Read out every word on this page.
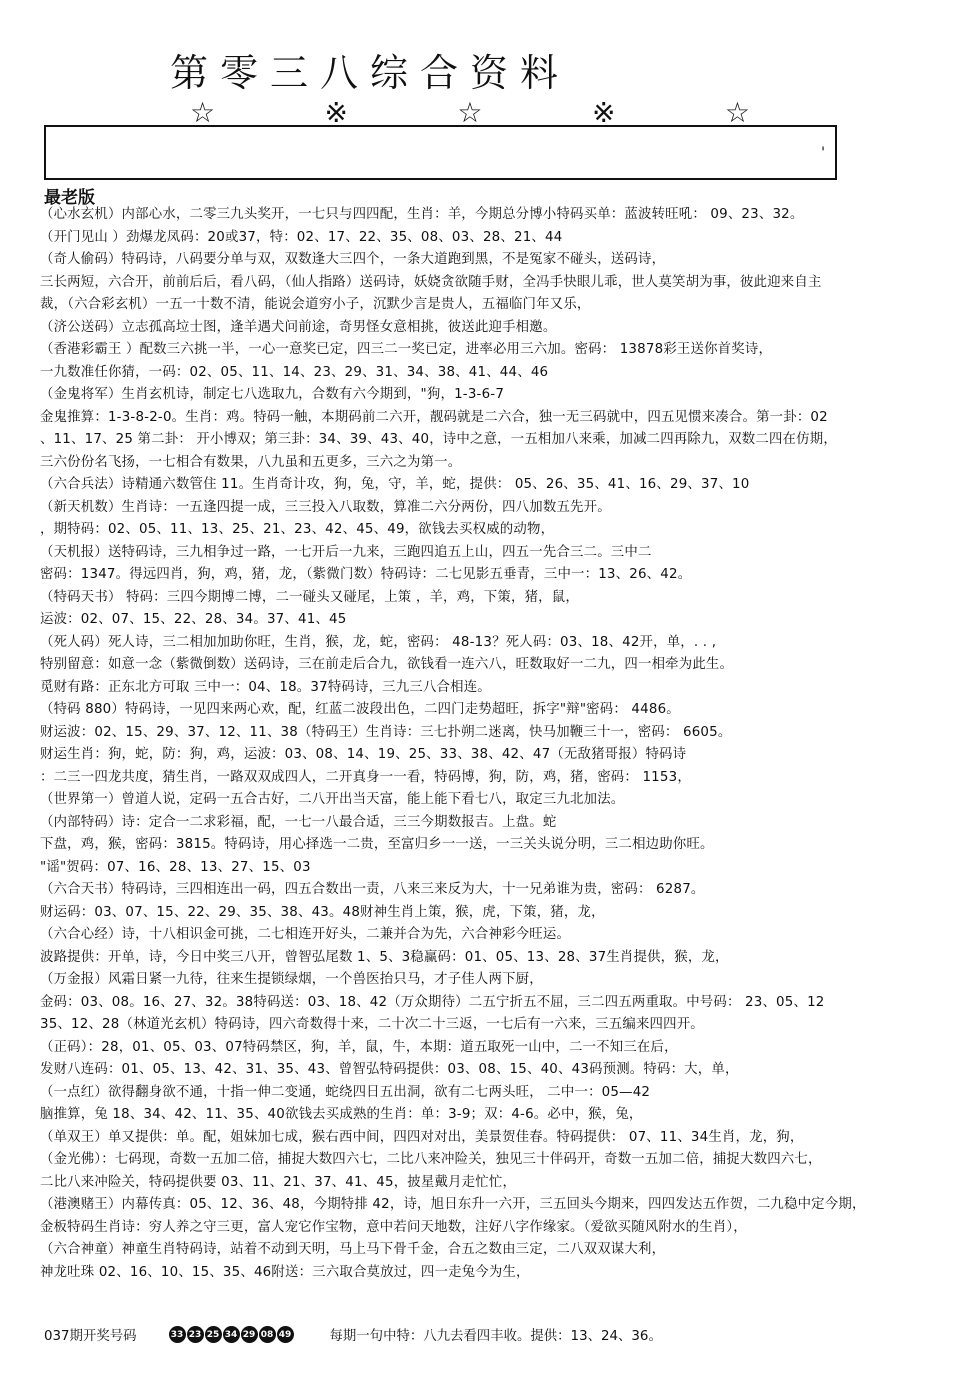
第零三八综合资料
☆	※	☆	※	☆
'
最老版
（心水玄机）内部心水，二零三九头奖开，一七只与四四配，生肖：羊，今期总分博小特码买单：蓝波转旺吼： 09、23、32。
（开门见山 ）劲爆龙凤码：20或37，特：02、17、22、35、08、03、28、21、44
（奇人偷码）特码诗，八码要分单与双，双数逢大三四个，一条大道跑到黑，不是冤家不碰头，送码诗，
三长两短，六合开，前前后后，看八码，（仙人指路）送码诗，妖娆贪欲随手财，全冯手快眼儿乖，世人莫笑胡为事，彼此迎来自主
裁，（六合彩玄机）一五一十数不清，能说会道穷小子，沉默少言是贵人，五福临门年又乐，
（济公送码）立志孤高垃士图，逢羊遇犬问前途，奇男怪女意相挑，彼送此迎手相邀。
（香港彩霸王 ）配数三六挑一半，一心一意奖已定，四三二一奖已定，进率必用三六加。密码： 13878彩王送你首奖诗，
一九数准任你猜，一码：02、05、11、14、23、29、31、34、38、41、44、46
（金鬼将军）生肖玄机诗，制定七八选取九，合数有六今期到，"狗，1-3-6-7
金鬼推算：1-3-8-2-0。生肖：鸡。特码一触，本期码前二六开，靓码就是二六合，独一无三码就中，四五见惯来凑合。第一卦：02
、11、17、25 第二卦： 开小博双；第三卦：34、39、43、40，诗中之意，一五相加八来乘，加减二四再除九，双数二四在仿期，
三六份份名飞扬，一七相合有数果，八九虽和五更多，三六之为第一。
（六合兵法）诗精通六数管住 11。生肖奇计攻，狗，兔，守，羊，蛇，提供： 05、26、35、41、16、29、37、10
（新天机数）生肖诗：一五逢四提一成，三三投入八取数，算准二六分两份，四八加数五先开。
，期特码：02、05、11、13、25、21、23、42、45、49，欲钱去买权威的动物，
（天机报）送特码诗，三九相争过一路，一七开后一九来，三跑四追五上山，四五一先合三二。三中二
密码：1347。得远四肖，狗，鸡，猪，龙，（紫微门数）特码诗：二七见影五垂青，三中一：13、26、42。
（特码天书） 特码：三四今期博二博，二一碰头又碰尾，上策 ，羊，鸡，下策，猪，鼠，
运波：02、07、15、22、28、34。37、41、45
（死人码）死人诗，三二相加加助你旺，生肖，猴，龙，蛇，密码： 48-13？死人码：03、18、42开，单，. . ,
特别留意：如意一念（紫微倒数）送码诗，三在前走后合九，欲钱看一连六八，旺数取好一二九，四一相牵为此生。
觅财有路：正东北方可取 三中一：04、18。37特码诗，三九三八合相连。
（特码 880）特码诗，一见四来两心欢，配，红蓝二波段出色，二四门走势超旺，拆字"辩"密码： 4486。
财运波：02、15、29、37、12、11、38（特码王）生肖诗：三七扑朔二迷离，快马加鞭三十一，密码： 6605。
财运生肖：狗，蛇，防：狗，鸡，运波：03、08、14、19、25、33、38、42、47（无敌猪哥报）特码诗
：二三一四龙共度，猜生肖，一路双双成四人，二开真身一一看，特码博，狗，防，鸡，猪，密码： 1153，
（世界第一）曾道人说，定码一五合古好，二八开出当天富，能上能下看七八，取定三九北加法。
（内部特码）诗：定合一二求彩福，配，一七一八最合适，三三今期数报吉。上盘。蛇
下盘，鸡，猴，密码：3815。特码诗，用心择选一二贵，至富归乡一一送，一三关头说分明，三二相边助你旺。
"谣"贺码：07、16、28、13、27、15、03
（六合天书）特码诗，三四相连出一码，四五合数出一责，八来三来反为大，十一兄弟谁为贵，密码： 6287。
财运码：03、07、15、22、29、35、38、43。48财神生肖上策，猴，虎，下策，猪，龙，
（六合心经）诗，十八相识金可挑，二七相连开好头，二兼并合为先，六合神彩今旺运。
波路提供：开单，诗，今日中奖三八开，曾智弘尾数 1、5、3稳赢码：01、05、13、28、37生肖提供，猴，龙，
（万金报）风霜日紧一九待，往来生提锁绿烟，一个兽医抬只马，才子佳人两下厨，
金码：03、08。16、27、32。38特码送：03、18、42（万众期待）二五宁折五不屈，三二四五两重取。中号码： 23、05、12
35、12、28（林道光玄机）特码诗，四六奇数得十来，二十次二十三返，一七后有一六来，三五编来四四开。
（正码）：28，01、05、03、07特码禁区，狗，羊，鼠，牛，本期：道五取死一山中，二一不知三在后，
发财八连码：01、05、13、42、31、35、43、曾智弘特码提供：03、08、15、40、43码预测。特码：大，单，
（一点红）欲得翻身欲不通，十指一伸二变通，蛇绕四日五出洞，欲有二七两头旺， 二中一：05—42
脑推算，兔 18、34、42、11、35、40欲钱去买成熟的生肖：单：3-9；双：4-6。必中，猴，兔，
（单双王）单又提供：单。配，姐妹加七成，猴右西中间，四四对对出，美景贺佳春。特码提供： 07、11、34生肖，龙，狗，
（金光佛）：七码现，奇数一五加二倍，捕捉大数四六七，二比八来冲险关，独见三十伴码开，奇数一五加二倍，捕捉大数四六七，
二比八来冲险关，特码提供要 03、11、21、37、41、45，披星戴月走忙忙，
（港澳赌王）内幕传真：05、12、36、48，今期特排 42，诗，旭日东升一六开，三五回头今期来，四四发达五作贺，二九稳中定今期，
金板特码生肖诗：穷人养之守三更，富人宠它作宝物，意中若问天地数，注好八字作缘家。（爱欲买随风附水的生肖），
（六合神童）神童生肖特码诗，站着不动到天明，马上马下骨千金，合五之数由三定，二八双双谋大利，
神龙吐珠 02、16、10、15、35、46附送：三六取合莫放过，四一走兔今为生，
037期开奖号码	33 23 25 34 29 08 49	每期一句中特：八九去看四丰收。提供：13、24、36。
